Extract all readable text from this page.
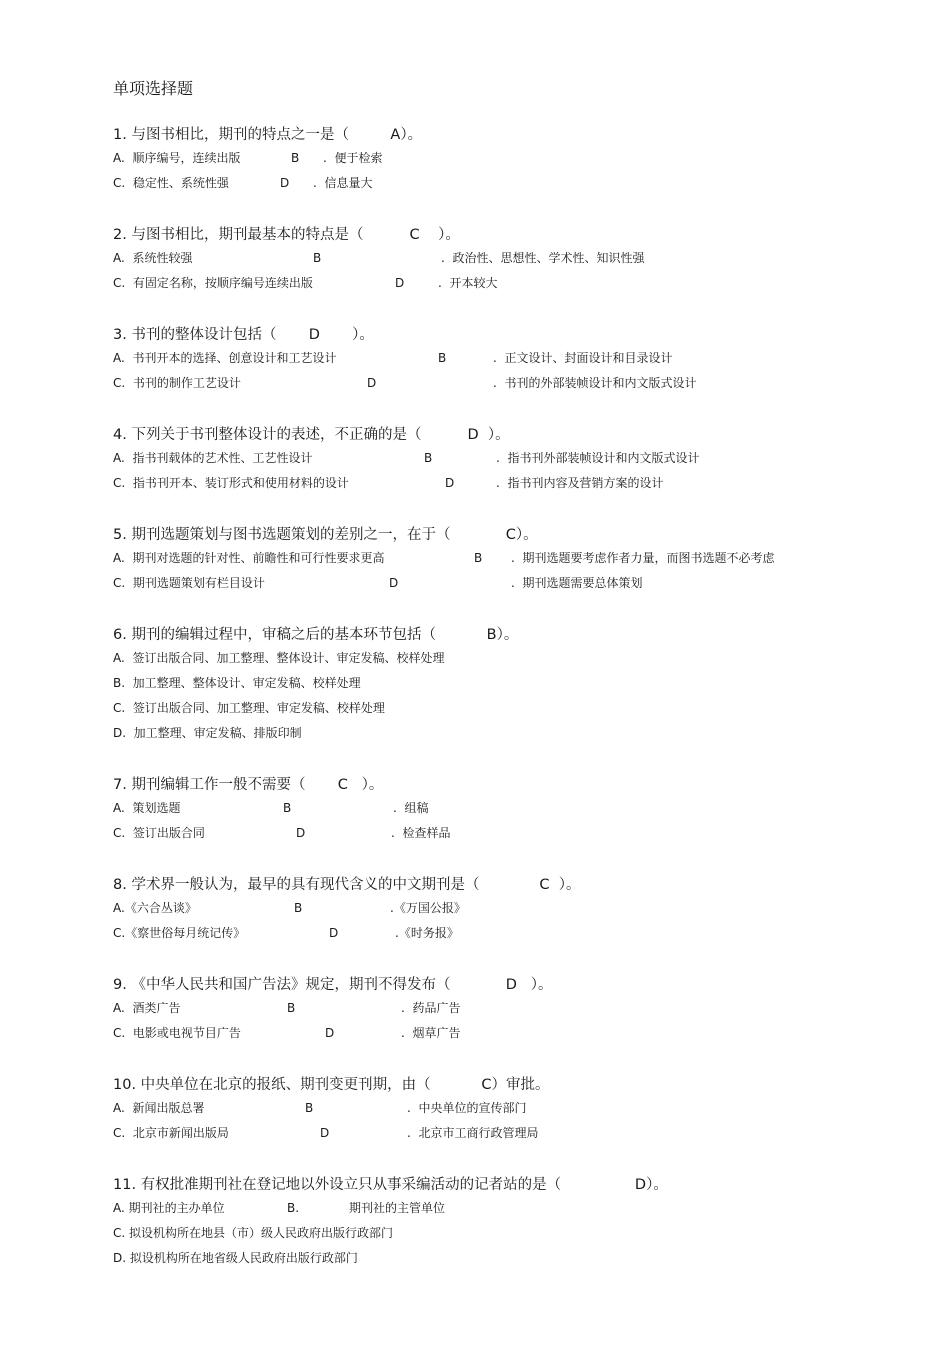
单项选择题
1. 与图书相比，期刊的特点之一是（         A）。
A.  顺序编号，连续出版	B .  便于检索
C.  稳定性、系统性强	D .  信息量大
2. 与图书相比，期刊最基本的特点是（          C    ）。
A.  系统性较强	B	.  政治性、思想性、学术性、知识性强
C.  有固定名称，按顺序编号连续出版	D	.  开本较大
3. 书刊的整体设计包括（       D       ）。
A.  书刊开本的选择、创意设计和工艺设计	B	.  正文设计、封面设计和目录设计
C.  书刊的制作工艺设计	D	.  书刊的外部装帧设计和内文版式设计
4. 下列关于书刊整体设计的表述，不正确的是（          D  ）。
A.  指书刊载体的艺术性、工艺性设计	B	.  指书刊外部装帧设计和内文版式设计
C.  指书刊开本、装订形式和使用材料的设计	D	.  指书刊内容及营销方案的设计
5. 期刊选题策划与图书选题策划的差别之一，在于（            C）。
A.  期刊对选题的针对性、前瞻性和可行性要求更高	B .  期刊选题要考虑作者力量，而图书选题不必考虑
C.  期刊选题策划有栏目设计	D	.  期刊选题需要总体策划
6. 期刊的编辑过程中，审稿之后的基本环节包括（           B）。
A.  签订出版合同、加工整理、整体设计、审定发稿、校样处理
B.  加工整理、整体设计、审定发稿、校样处理
C.  签订出版合同、加工整理、审定发稿、校样处理
D.  加工整理、审定发稿、排版印制
7. 期刊编辑工作一般不需要（       C   ）。
A.  策划选题	B	.  组稿
C.  签订出版合同	D	.  检查样品
8. 学术界一般认为，最早的具有现代含义的中文期刊是（             C  ）。
A.《六合丛谈》	B	.《万国公报》
C.《察世俗每月统记传》	D	.《时务报》
9. 《中华人民共和国广告法》规定，期刊不得发布（            D   ）。
A.  酒类广告	B	.  药品广告
C.  电影或电视节目广告	D	.  烟草广告
10. 中央单位在北京的报纸、期刊变更刊期，由（           C）审批。
A.  新闻出版总署	B	.  中央单位的宣传部门
C.  北京市新闻出版局	D	.  北京市工商行政管理局
11. 有权批准期刊社在登记地以外设立只从事采编活动的记者站的是（                D）。
A. 期刊社的主办单位	B.	期刊社的主管单位
C. 拟设机构所在地县（市）级人民政府出版行政部门
D. 拟设机构所在地省级人民政府出版行政部门
